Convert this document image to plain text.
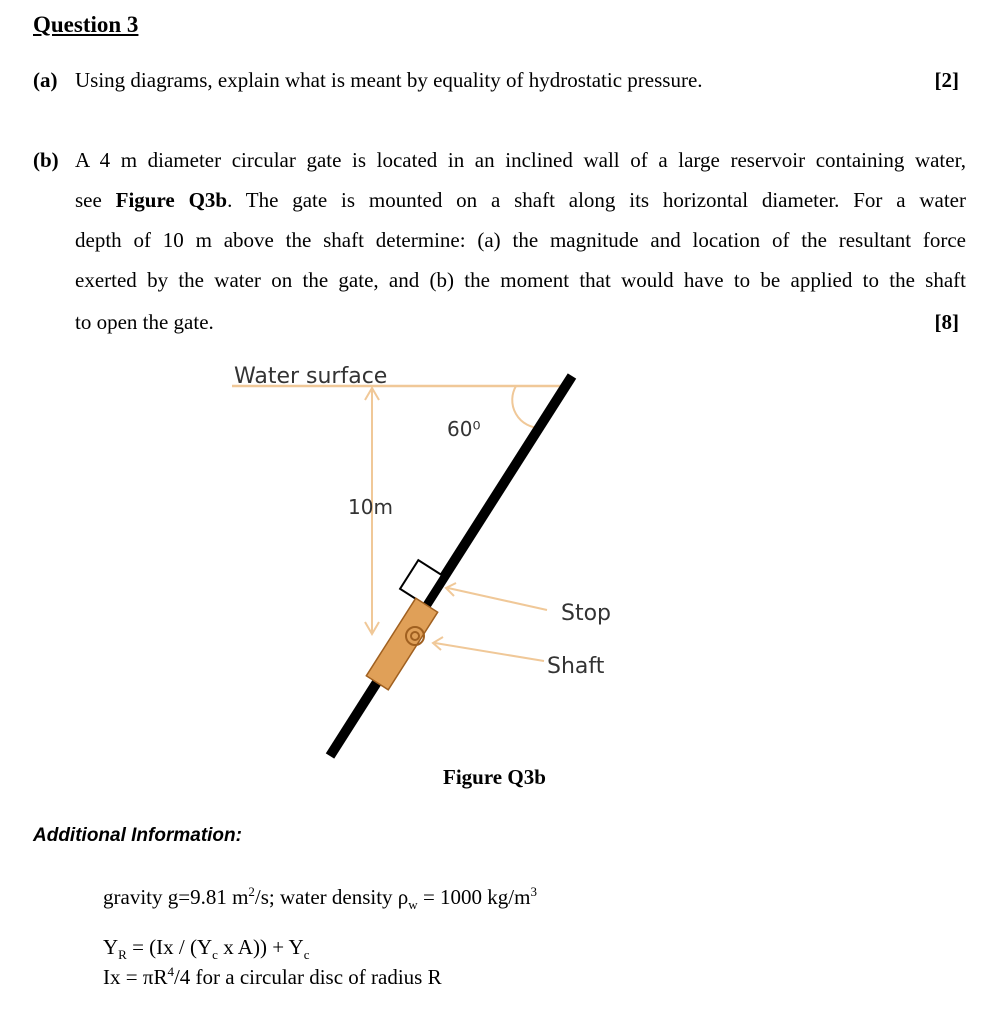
Question 3
(a) Using diagrams, explain what is meant by equality of hydrostatic pressure.	[2]
(b) A 4 m diameter circular gate is located in an inclined wall of a large reservoir containing water,
see Figure Q3b. The gate is mounted on a shaft along its horizontal diameter. For a water
depth of 10 m above the shaft determine: (a) the magnitude and location of the resultant force
exerted by the water on the gate, and (b) the moment that would have to be applied to the shaft
to open the gate.	[8]
Water surface
60⁰
10m
Stop
Shaft
Figure Q3b
Additional Information:
gravity g=9.81 $m^2/s$; water density $\rho_w = 1000$ $kg/m^3$
$Y_R = (Ix / (Y_c$ x $A)) + Y_c$
$Ix = \pi R^4/4$ for a circular disc of radius R
